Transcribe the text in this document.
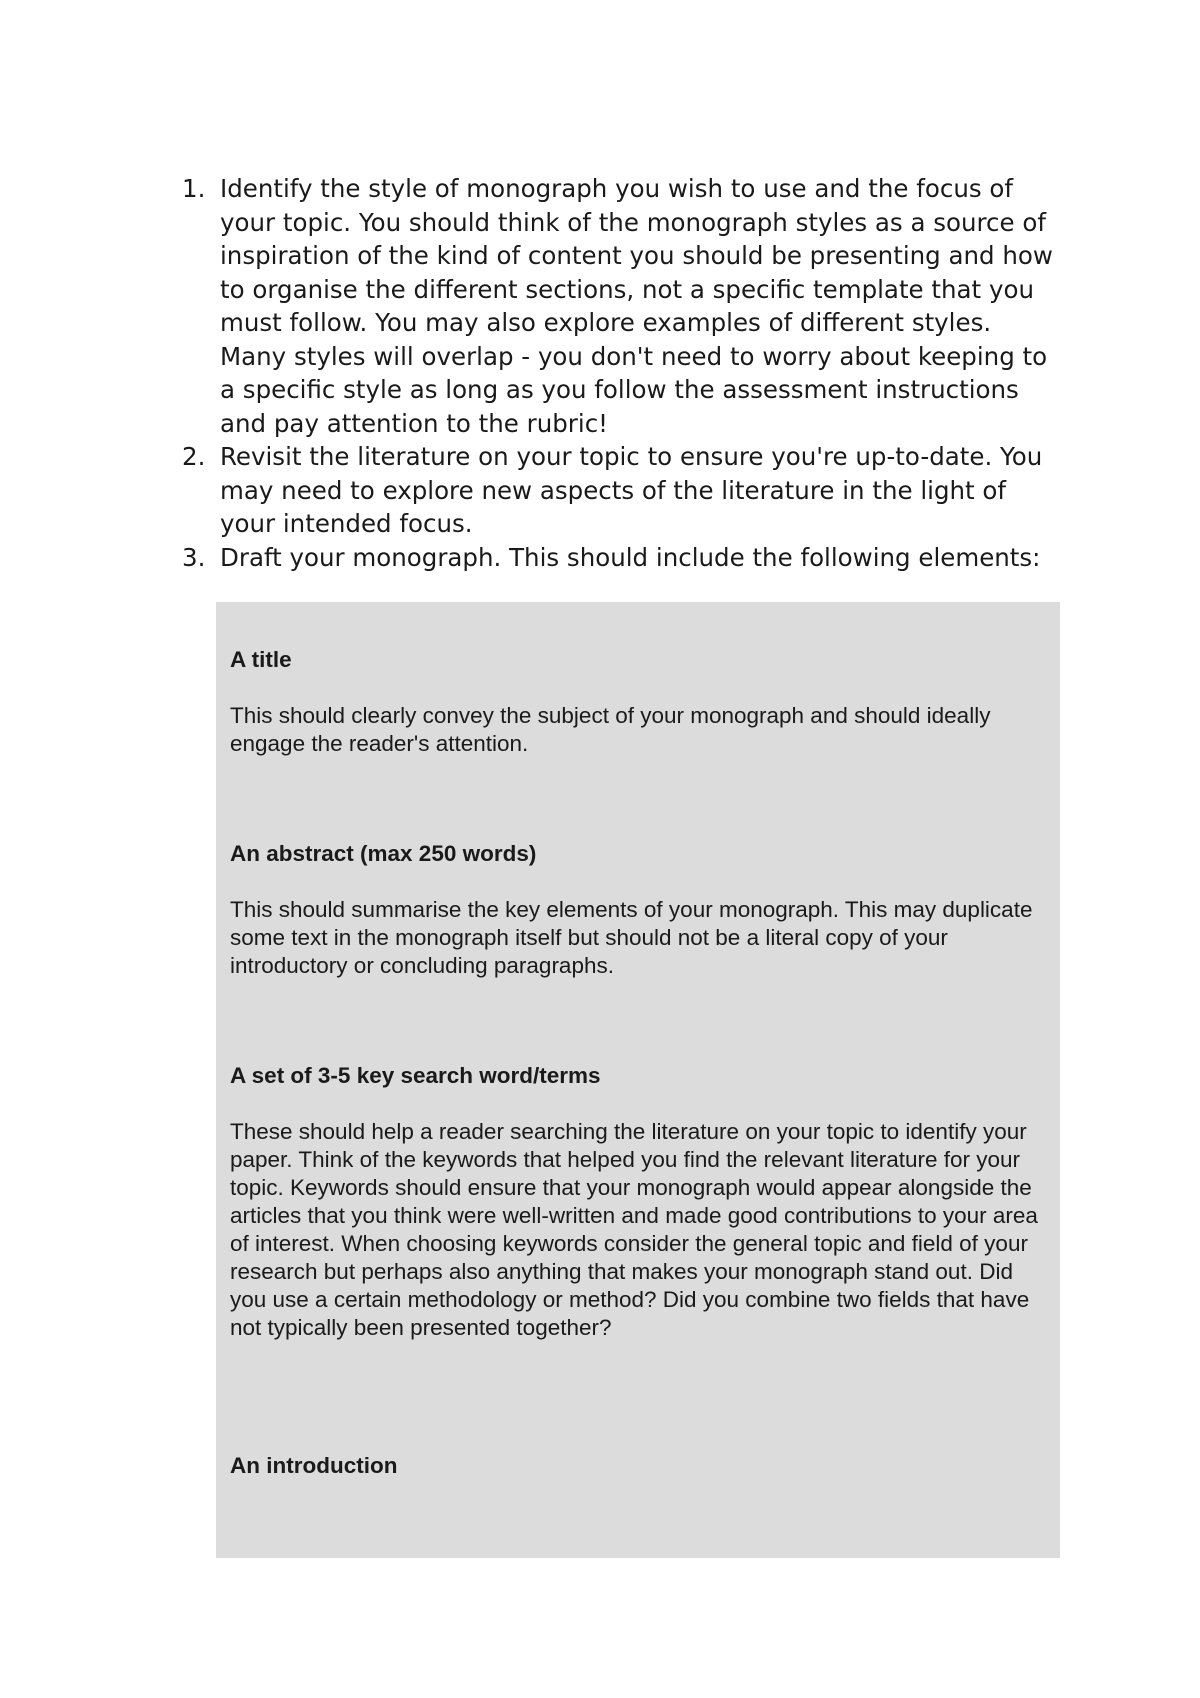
1. Identify the style of monograph you wish to use and the focus of your topic. You should think of the monograph styles as a source of inspiration of the kind of content you should be presenting and how to organise the different sections, not a specific template that you must follow. You may also explore examples of different styles. Many styles will overlap - you don't need to worry about keeping to a specific style as long as you follow the assessment instructions and pay attention to the rubric!
2. Revisit the literature on your topic to ensure you're up-to-date. You may need to explore new aspects of the literature in the light of your intended focus.
3. Draft your monograph. This should include the following elements:
A title

This should clearly convey the subject of your monograph and should ideally engage the reader's attention.

An abstract (max 250 words)

This should summarise the key elements of your monograph. This may duplicate some text in the monograph itself but should not be a literal copy of your introductory or concluding paragraphs.

A set of 3-5 key search word/terms

These should help a reader searching the literature on your topic to identify your paper. Think of the keywords that helped you find the relevant literature for your topic. Keywords should ensure that your monograph would appear alongside the articles that you think were well-written and made good contributions to your area of interest. When choosing keywords consider the general topic and field of your research but perhaps also anything that makes your monograph stand out. Did you use a certain methodology or method? Did you combine two fields that have not typically been presented together?

An introduction
